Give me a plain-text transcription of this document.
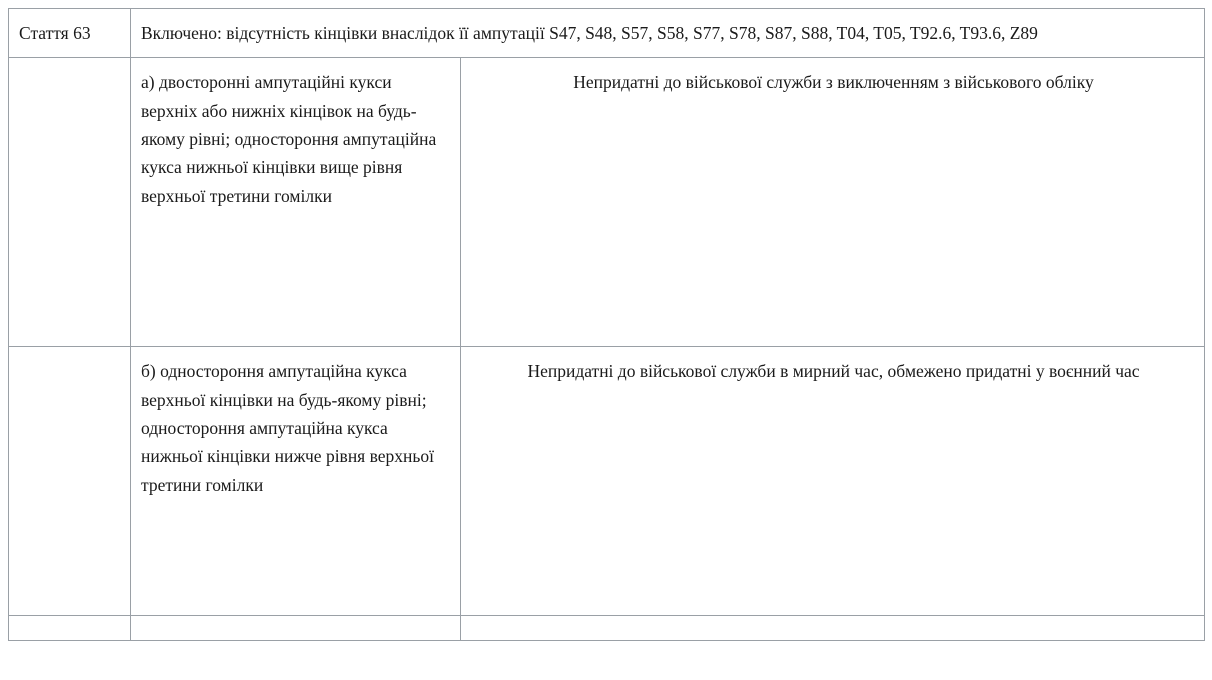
Стаття 63	Включено: відсутність кінцівки внаслідок її ампутації S47, S48, S57, S58, S77, S78, S87, S88, T04, T05, T92.6, T93.6, Z89	
	а) двосторонні ампутаційні кукси верхніх або нижніх кінцівок на будь-якому рівні; одностороння ампутаційна кукса нижньої кінцівки вище рівня верхньої третини гомілки	Непридатні до військової служби з виключенням з військового обліку
	б) одностороння ампутаційна кукса верхньої кінцівки на будь-якому рівні; одностороння ампутаційна кукса нижньої кінцівки нижче рівня верхньої третини гомілки	Непридатні до військової служби в мирний час, обмежено придатні у воєнний час
